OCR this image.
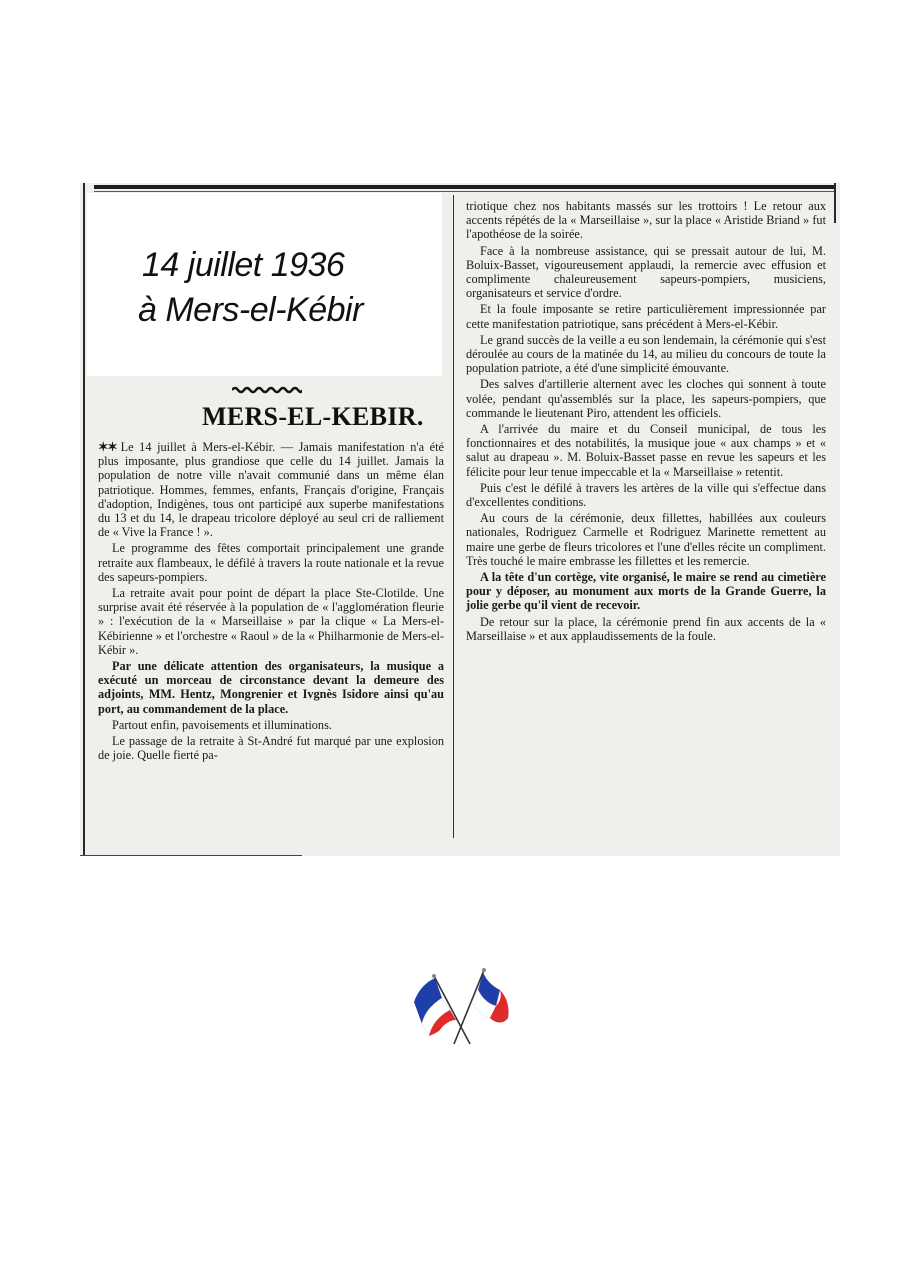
14 juillet 1936
à Mers-el-Kébir
MERS-EL-KEBIR.

✶✶ Le 14 juillet à Mers-el-Kébir. — Jamais manifestation n'a été plus imposante, plus grandiose que celle du 14 juillet. Jamais la population de notre ville n'avait communié dans un même élan patriotique. Hommes, femmes, enfants, Français d'origine, Français d'adoption, Indigènes, tous ont participé aux superbe manifestations du 13 et du 14, le drapeau tricolore déployé au seul cri de ralliement de « Vive la France ! ».

Le programme des fêtes comportait principalement une grande retraite aux flambeaux, le défilé à travers la route nationale et la revue des sapeurs-pompiers.

La retraite avait pour point de départ la place Ste-Clotilde. Une surprise avait été réservée à la population de « l'agglomération fleurie » : l'exécution de la « Marseillaise » par la clique « La Mers-el-Kébirienne » et l'orchestre « Raoul » de la « Philharmonie de Mers-el-Kébir ».

Par une délicate attention des organisateurs, la musique a exécuté un morceau de circonstance devant la demeure des adjoints, MM. Hentz, Mongrenier et Ivgnès Isidore ainsi qu'au port, au commandement de la place.

Partout enfin, pavoisements et illuminations.

Le passage de la retraite à St-André fut marqué par une explosion de joie. Quelle fierté pa-

triotique chez nos habitants massés sur les trottoirs ! Le retour aux accents répétés de la « Marseillaise », sur la place « Aristide Briand » fut l'apothéose de la soirée.

Face à la nombreuse assistance, qui se pressait autour de lui, M. Boluix-Basset, vigoureusement applaudi, la remercie avec effusion et complimente chaleureusement sapeurs-pompiers, musiciens, organisateurs et service d'ordre.

Et la foule imposante se retire particulièrement impressionnée par cette manifestation patriotique, sans précédent à Mers-el-Kébir.

Le grand succès de la veille a eu son lendemain, la cérémonie qui s'est déroulée au cours de la matinée du 14, au milieu du concours de toute la population patriote, a été d'une simplicité émouvante.

Des salves d'artillerie alternent avec les cloches qui sonnent à toute volée, pendant qu'assemblés sur la place, les sapeurs-pompiers, que commande le lieutenant Piro, attendent les officiels.

A l'arrivée du maire et du Conseil municipal, de tous les fonctionnaires et des notabilités, la musique joue « aux champs » et « salut au drapeau ». M. Boluix-Basset passe en revue les sapeurs et les félicite pour leur tenue impeccable et la « Marseillaise » retentit.

Puis c'est le défilé à travers les artères de la ville qui s'effectue dans d'excellentes conditions.

Au cours de la cérémonie, deux fillettes, habillées aux couleurs nationales, Rodriguez Carmelle et Rodriguez Marinette remettent au maire une gerbe de fleurs tricolores et l'une d'elles récite un compliment. Très touché le maire embrasse les fillettes et les remercie.

A la tête d'un cortège, vite organisé, le maire se rend au cimetière pour y déposer, au monument aux morts de la Grande Guerre, la jolie gerbe qu'il vient de recevoir.

De retour sur la place, la cérémonie prend fin aux accents de la « Marseillaise » et aux applaudissements de la foule.
